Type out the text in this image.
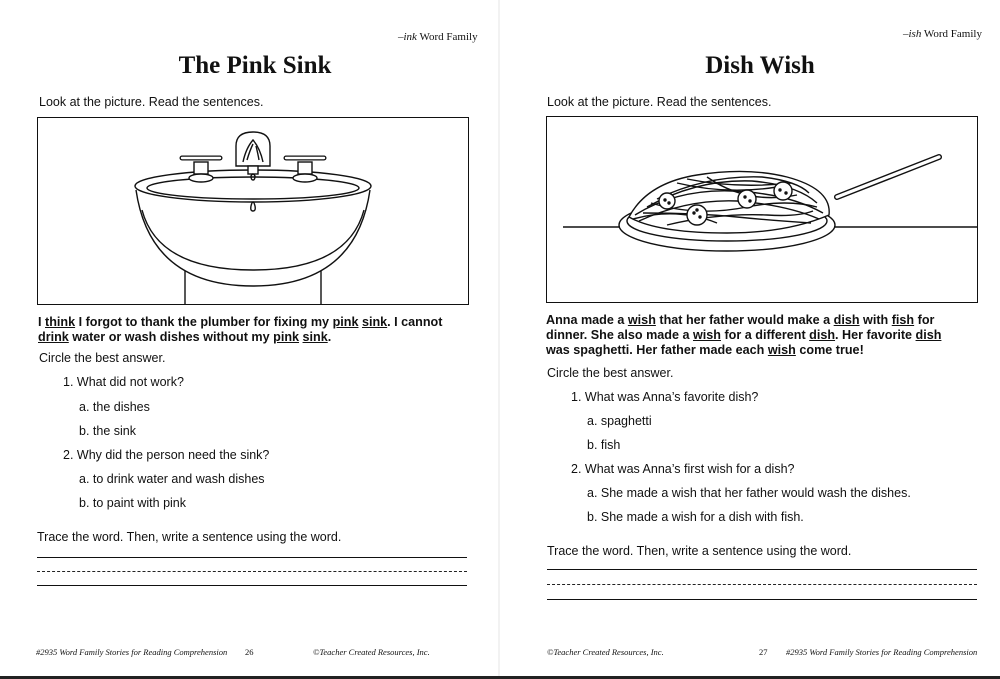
–ink Word Family
The Pink Sink
Look at the picture. Read the sentences.
I think I forgot to thank the plumber for fixing my pink sink. I cannot
drink water or wash dishes without my pink sink.
Circle the best answer.
1. What did not work?
a. the dishes
b. the sink
2. Why did the person need the sink?
a. to drink water and wash dishes
b. to paint with pink
Trace the word. Then, write a sentence using the word.
#2935 Word Family Stories for Reading Comprehension 26	©Teacher Created Resources, Inc.
–ish Word Family
Dish Wish
Look at the picture. Read the sentences.
Anna made a wish that her father would make a dish with fish for
dinner. She also made a wish for a different dish. Her favorite dish
was spaghetti. Her father made each wish come true!
Circle the best answer.
1. What was Anna’s favorite dish?
a. spaghetti
b. fish
2. What was Anna’s first wish for a dish?
a. She made a wish that her father would wash the dishes.
b. She made a wish for a dish with fish.
Trace the word. Then, write a sentence using the word.
©Teacher Created Resources, Inc.	27 #2935 Word Family Stories for Reading Comprehension
